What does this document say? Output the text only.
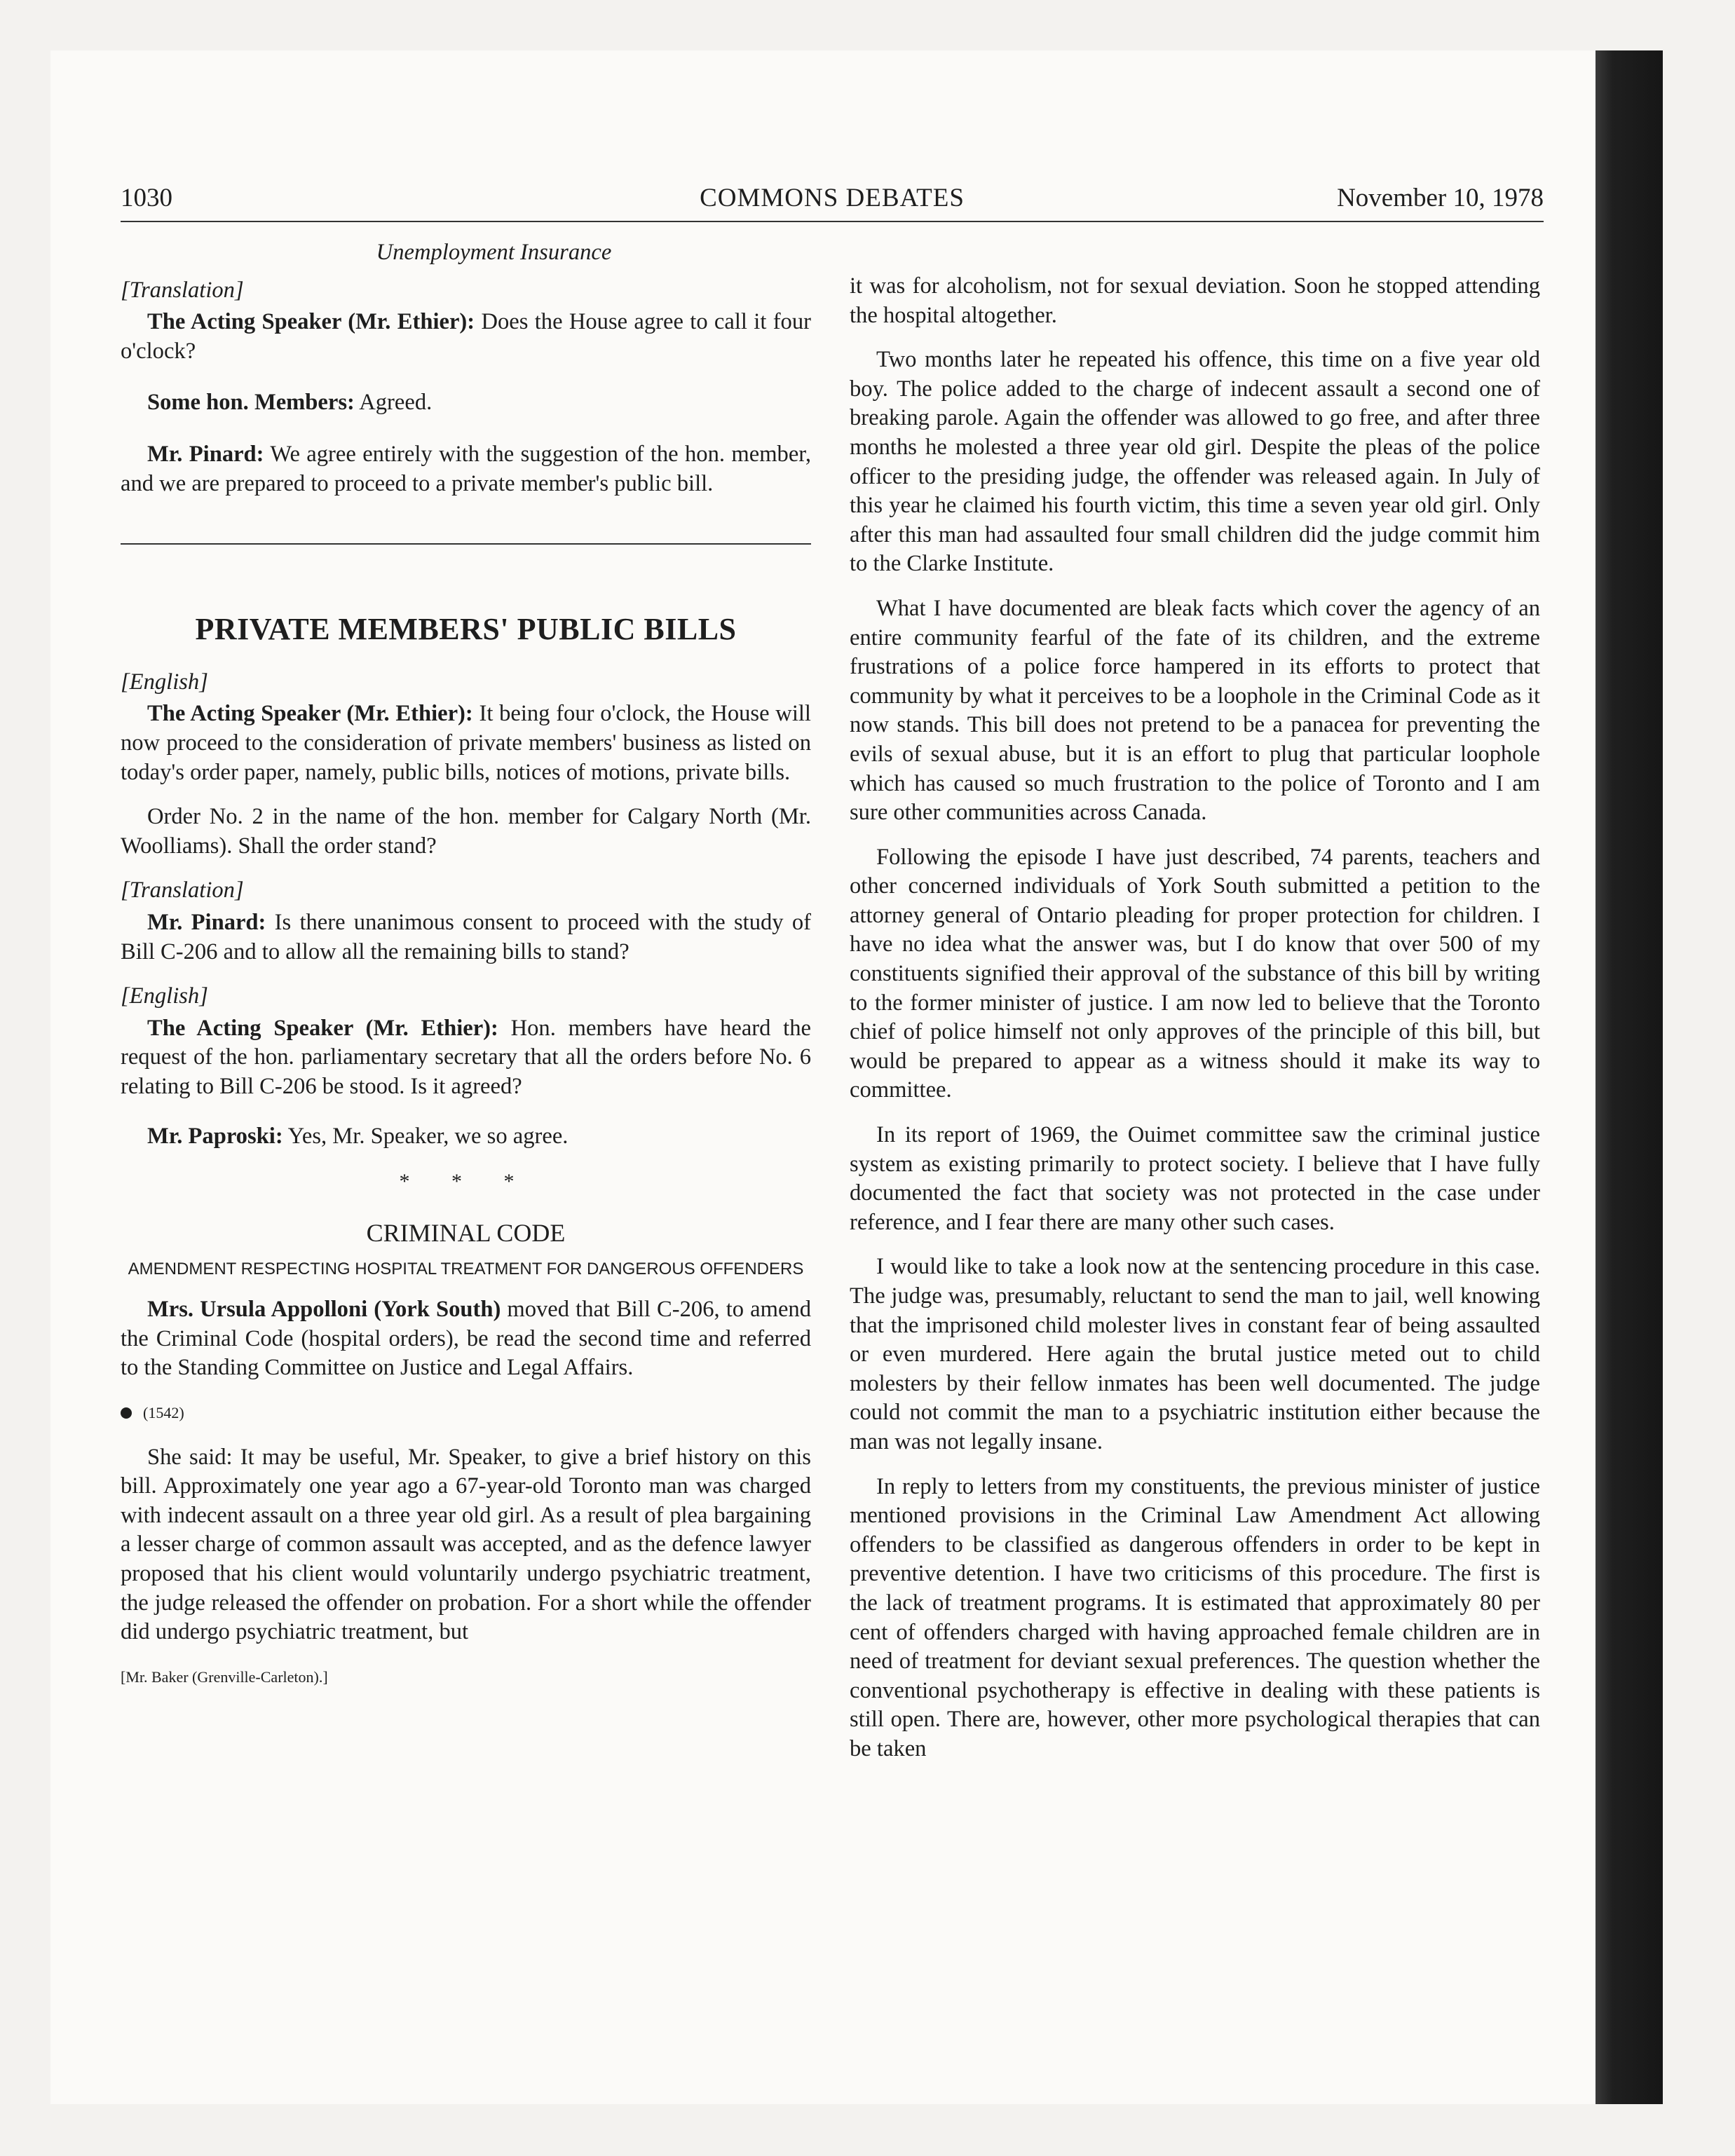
1030	COMMONS DEBATES	November 10, 1978
Unemployment Insurance

[Translation]

The Acting Speaker (Mr. Ethier): Does the House agree to call it four o'clock?

Some hon. Members: Agreed.

Mr. Pinard: We agree entirely with the suggestion of the hon. member, and we are prepared to proceed to a private member's public bill.

PRIVATE MEMBERS' PUBLIC BILLS

[English]

The Acting Speaker (Mr. Ethier): It being four o'clock, the House will now proceed to the consideration of private members' business as listed on today's order paper, namely, public bills, notices of motions, private bills.

Order No. 2 in the name of the hon. member for Calgary North (Mr. Woolliams). Shall the order stand?

[Translation]

Mr. Pinard: Is there unanimous consent to proceed with the study of Bill C-206 and to allow all the remaining bills to stand?

[English]

The Acting Speaker (Mr. Ethier): Hon. members have heard the request of the hon. parliamentary secretary that all the orders before No. 6 relating to Bill C-206 be stood. Is it agreed?

Mr. Paproski: Yes, Mr. Speaker, we so agree.

* * *
CRIMINAL CODE
AMENDMENT RESPECTING HOSPITAL TREATMENT FOR DANGEROUS OFFENDERS

Mrs. Ursula Appolloni (York South) moved that Bill C-206, to amend the Criminal Code (hospital orders), be read the second time and referred to the Standing Committee on Justice and Legal Affairs.

(1542)

She said: It may be useful, Mr. Speaker, to give a brief history on this bill. Approximately one year ago a 67-year-old Toronto man was charged with indecent assault on a three year old girl. As a result of plea bargaining a lesser charge of common assault was accepted, and as the defence lawyer proposed that his client would voluntarily undergo psychiatric treatment, the judge released the offender on probation. For a short while the offender did undergo psychiatric treatment, but

[Mr. Baker (Grenville-Carleton).]

it was for alcoholism, not for sexual deviation. Soon he stopped attending the hospital altogether.

Two months later he repeated his offence, this time on a five year old boy. The police added to the charge of indecent assault a second one of breaking parole. Again the offender was allowed to go free, and after three months he molested a three year old girl. Despite the pleas of the police officer to the presiding judge, the offender was released again. In July of this year he claimed his fourth victim, this time a seven year old girl. Only after this man had assaulted four small children did the judge commit him to the Clarke Institute.

What I have documented are bleak facts which cover the agency of an entire community fearful of the fate of its children, and the extreme frustrations of a police force hampered in its efforts to protect that community by what it perceives to be a loophole in the Criminal Code as it now stands. This bill does not pretend to be a panacea for preventing the evils of sexual abuse, but it is an effort to plug that particular loophole which has caused so much frustration to the police of Toronto and I am sure other communities across Canada.

Following the episode I have just described, 74 parents, teachers and other concerned individuals of York South submitted a petition to the attorney general of Ontario pleading for proper protection for children. I have no idea what the answer was, but I do know that over 500 of my constituents signified their approval of the substance of this bill by writing to the former minister of justice. I am now led to believe that the Toronto chief of police himself not only approves of the principle of this bill, but would be prepared to appear as a witness should it make its way to committee.

In its report of 1969, the Ouimet committee saw the criminal justice system as existing primarily to protect society. I believe that I have fully documented the fact that society was not protected in the case under reference, and I fear there are many other such cases.

I would like to take a look now at the sentencing procedure in this case. The judge was, presumably, reluctant to send the man to jail, well knowing that the imprisoned child molester lives in constant fear of being assaulted or even murdered. Here again the brutal justice meted out to child molesters by their fellow inmates has been well documented. The judge could not commit the man to a psychiatric institution either because the man was not legally insane.

In reply to letters from my constituents, the previous minister of justice mentioned provisions in the Criminal Law Amendment Act allowing offenders to be classified as dangerous offenders in order to be kept in preventive detention. I have two criticisms of this procedure. The first is the lack of treatment programs. It is estimated that approximately 80 per cent of offenders charged with having approached female children are in need of treatment for deviant sexual preferences. The question whether the conventional psychotherapy is effective in dealing with these patients is still open. There are, however, other more psychological therapies that can be taken
